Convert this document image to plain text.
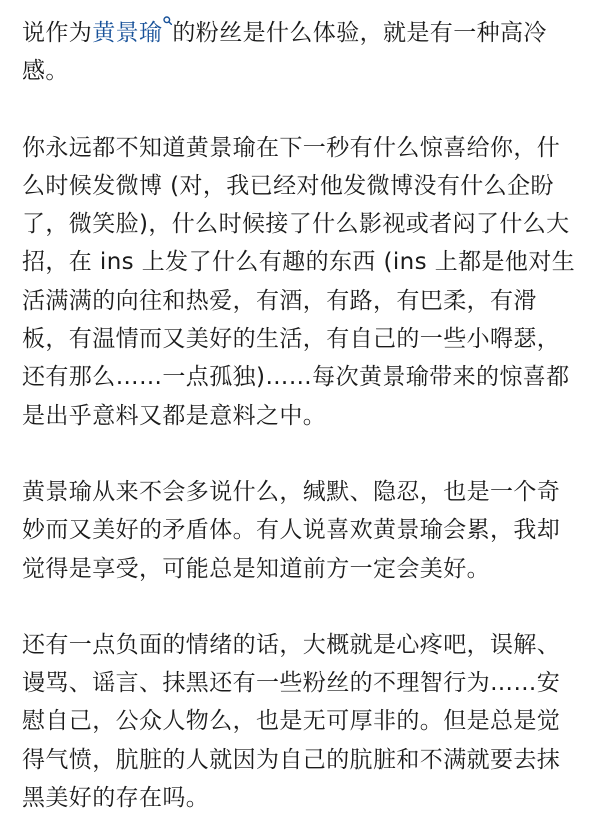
说作为黄景瑜 的粉丝是什么体验，就是有一种高冷感。

你永远都不知道黄景瑜在下一秒有什么惊喜给你，什么时候发微博 (对，我已经对他发微博没有什么企盼了，微笑脸)，什么时候接了什么影视或者闷了什么大招，在 ins 上发了什么有趣的东西 (ins 上都是他对生活满满的向往和热爱，有酒，有路，有巴柔，有滑板，有温情而又美好的生活，有自己的一些小嘚瑟，还有那么……一点孤独)……每次黄景瑜带来的惊喜都是出乎意料又都是意料之中。

黄景瑜从来不会多说什么，缄默、隐忍，也是一个奇妙而又美好的矛盾体。有人说喜欢黄景瑜会累，我却觉得是享受，可能总是知道前方一定会美好。

还有一点负面的情绪的话，大概就是心疼吧，误解、谩骂、谣言、抹黑还有一些粉丝的不理智行为……安慰自己，公众人物么，也是无可厚非的。但是总是觉得气愤，肮脏的人就因为自己的肮脏和不满就要去抹黑美好的存在吗。
